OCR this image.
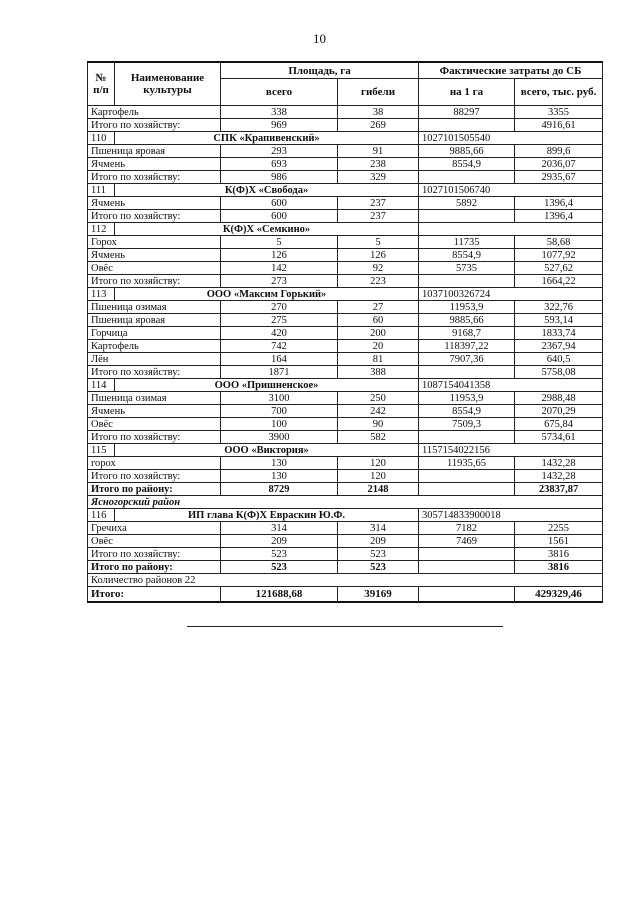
10
№ п/п	Наименование культуры	Площадь, га		Фактические затраты до СБ	
		всего	гибели	на 1 га	всего, тыс. руб.
Картофель		338	38	88297	3355
Итого по хозяйству:		969	269		4916,61
110	СПК «Крапивенский»			1027101505540	
Пшеница яровая		293	91	9885,66	899,6
Ячмень		693	238	8554,9	2036,07
Итого по хозяйству:		986	329		2935,67
111	К(Ф)Х «Свобода»			1027101506740	
Ячмень		600	237	5892	1396,4
Итого по хозяйству:		600	237		1396,4
112	К(Ф)Х «Семкино»				
Горох		5	5	11735	58,68
Ячмень		126	126	8554,9	1077,92
Овёс		142	92	5735	527,62
Итого по хозяйству:		273	223		1664,22
113	ООО «Максим Горький»			1037100326724	
Пшеница озимая		270	27	11953,9	322,76
Пшеница яровая		275	60	9885,66	593,14
Горчица		420	200	9168,7	1833,74
Картофель		742	20	118397,22	2367,94
Лён		164	81	7907,36	640,5
Итого по хозяйству:		1871	388		5758,08
114	ООО «Пришненское»			1087154041358	
Пшеница озимая		3100	250	11953,9	2988,48
Ячмень		700	242	8554,9	2070,29
Овёс		100	90	7509,3	675,84
Итого по хозяйству:		3900	582		5734,61
115	ООО «Виктория»			1157154022156	
горох		130	120	11935,65	1432,28
Итого по хозяйству:		130	120		1432,28
Итого по району:		8729	2148		23837,87
Ясногорский район					
116	ИП глава К(Ф)Х Евраскин Ю.Ф.			305714833900018	
Гречиха		314	314	7182	2255
Овёс		209	209	7469	1561
Итого по хозяйству:		523	523		3816
Итого по району:		523	523		3816
Количество районов 22					
Итого:		121688,68	39169		429329,46
